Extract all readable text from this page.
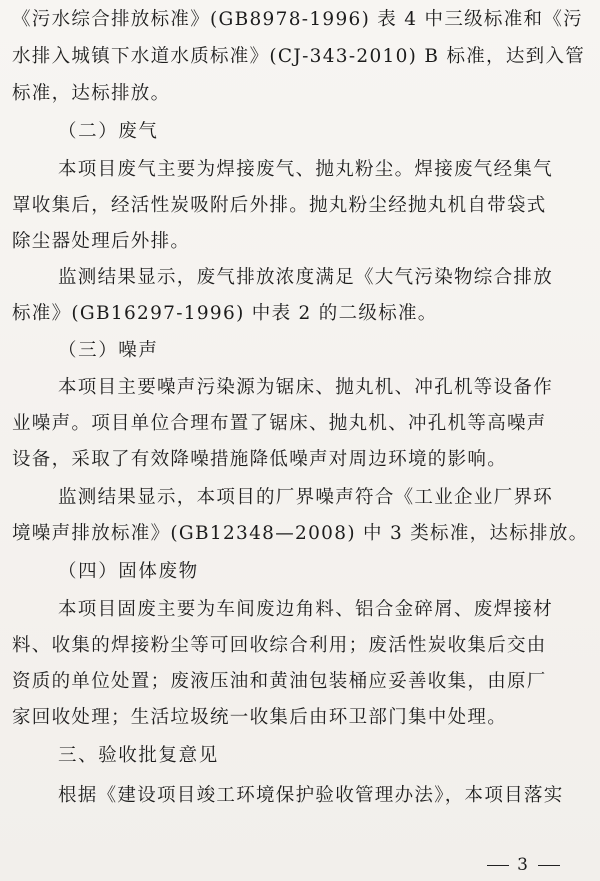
《污水综合排放标准》(GB8978-1996) 表 4 中三级标准和《污

水排入城镇下水道水质标准》(CJ-343-2010) B 标准，达到入管

标准，达标排放。

（二）废气

本项目废气主要为焊接废气、抛丸粉尘。焊接废气经集气

罩收集后，经活性炭吸附后外排。抛丸粉尘经抛丸机自带袋式

除尘器处理后外排。

监测结果显示，废气排放浓度满足《大气污染物综合排放

标准》(GB16297-1996) 中表 2 的二级标准。

（三）噪声

本项目主要噪声污染源为锯床、抛丸机、冲孔机等设备作

业噪声。项目单位合理布置了锯床、抛丸机、冲孔机等高噪声

设备，采取了有效降噪措施降低噪声对周边环境的影响。

监测结果显示，本项目的厂界噪声符合《工业企业厂界环

境噪声排放标准》(GB12348—2008) 中 3 类标准，达标排放。

（四）固体废物

本项目固废主要为车间废边角料、铝合金碎屑、废焊接材

料、收集的焊接粉尘等可回收综合利用；废活性炭收集后交由

资质的单位处置；废液压油和黄油包装桶应妥善收集，由原厂

家回收处理；生活垃圾统一收集后由环卫部门集中处理。

三、验收批复意见

根据《建设项目竣工环境保护验收管理办法》，本项目落实

3
